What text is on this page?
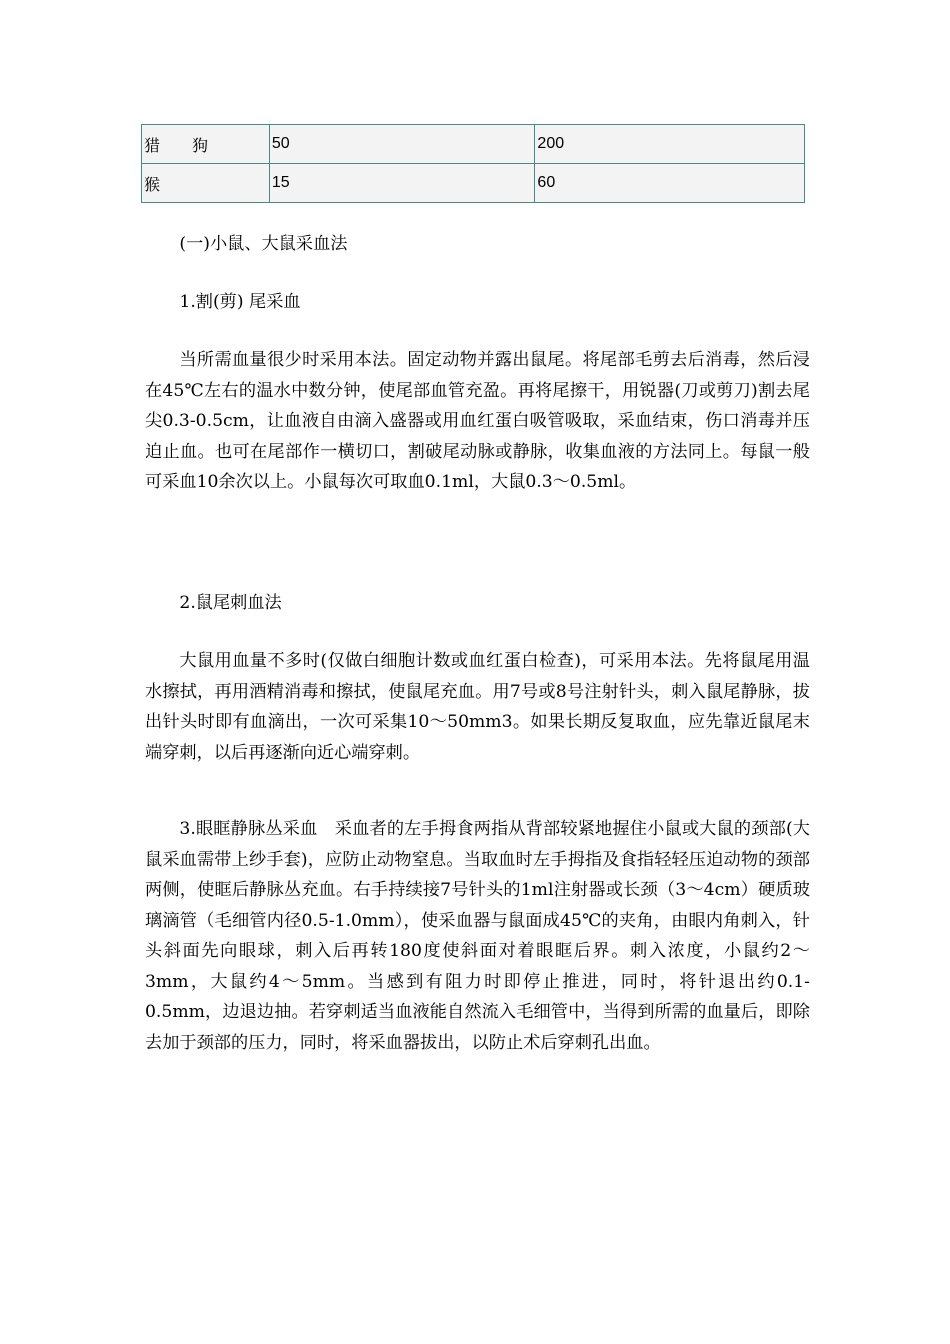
猎　　狗	50	200
猴	15	60

(一)小鼠、大鼠采血法

1.割(剪) 尾采血

当所需血量很少时采用本法。固定动物并露出鼠尾。将尾部毛剪去后消毒，然后浸在45℃左右的温水中数分钟，使尾部血管充盈。再将尾擦干，用锐器(刀或剪刀)割去尾尖0.3-0.5cm，让血液自由滴入盛器或用血红蛋白吸管吸取，采血结束，伤口消毒并压迫止血。也可在尾部作一横切口，割破尾动脉或静脉，收集血液的方法同上。每鼠一般可采血10余次以上。小鼠每次可取血0.1ml，大鼠0.3～0.5ml。

2.鼠尾刺血法

大鼠用血量不多时(仅做白细胞计数或血红蛋白检查)，可采用本法。先将鼠尾用温水擦拭，再用酒精消毒和擦拭，使鼠尾充血。用7号或8号注射针头，刺入鼠尾静脉，拔出针头时即有血滴出，一次可采集10～50mm3。如果长期反复取血，应先靠近鼠尾末端穿刺，以后再逐渐向近心端穿刺。

3.眼眶静脉丛采血　采血者的左手拇食两指从背部较紧地握住小鼠或大鼠的颈部(大鼠采血需带上纱手套)，应防止动物窒息。当取血时左手拇指及食指轻轻压迫动物的颈部两侧，使眶后静脉丛充血。右手持续接7号针头的1ml注射器或长颈（3～4cm）硬质玻璃滴管（毛细管内径0.5-1.0mm），使采血器与鼠面成45℃的夹角，由眼内角刺入，针头斜面先向眼球，刺入后再转180度使斜面对着眼眶后界。刺入浓度，小鼠约2～3mm，大鼠约4～5mm。当感到有阻力时即停止推进，同时，将针退出约0.1-0.5mm，边退边抽。若穿刺适当血液能自然流入毛细管中，当得到所需的血量后，即除去加于颈部的压力，同时，将采血器拔出，以防止术后穿刺孔出血。
